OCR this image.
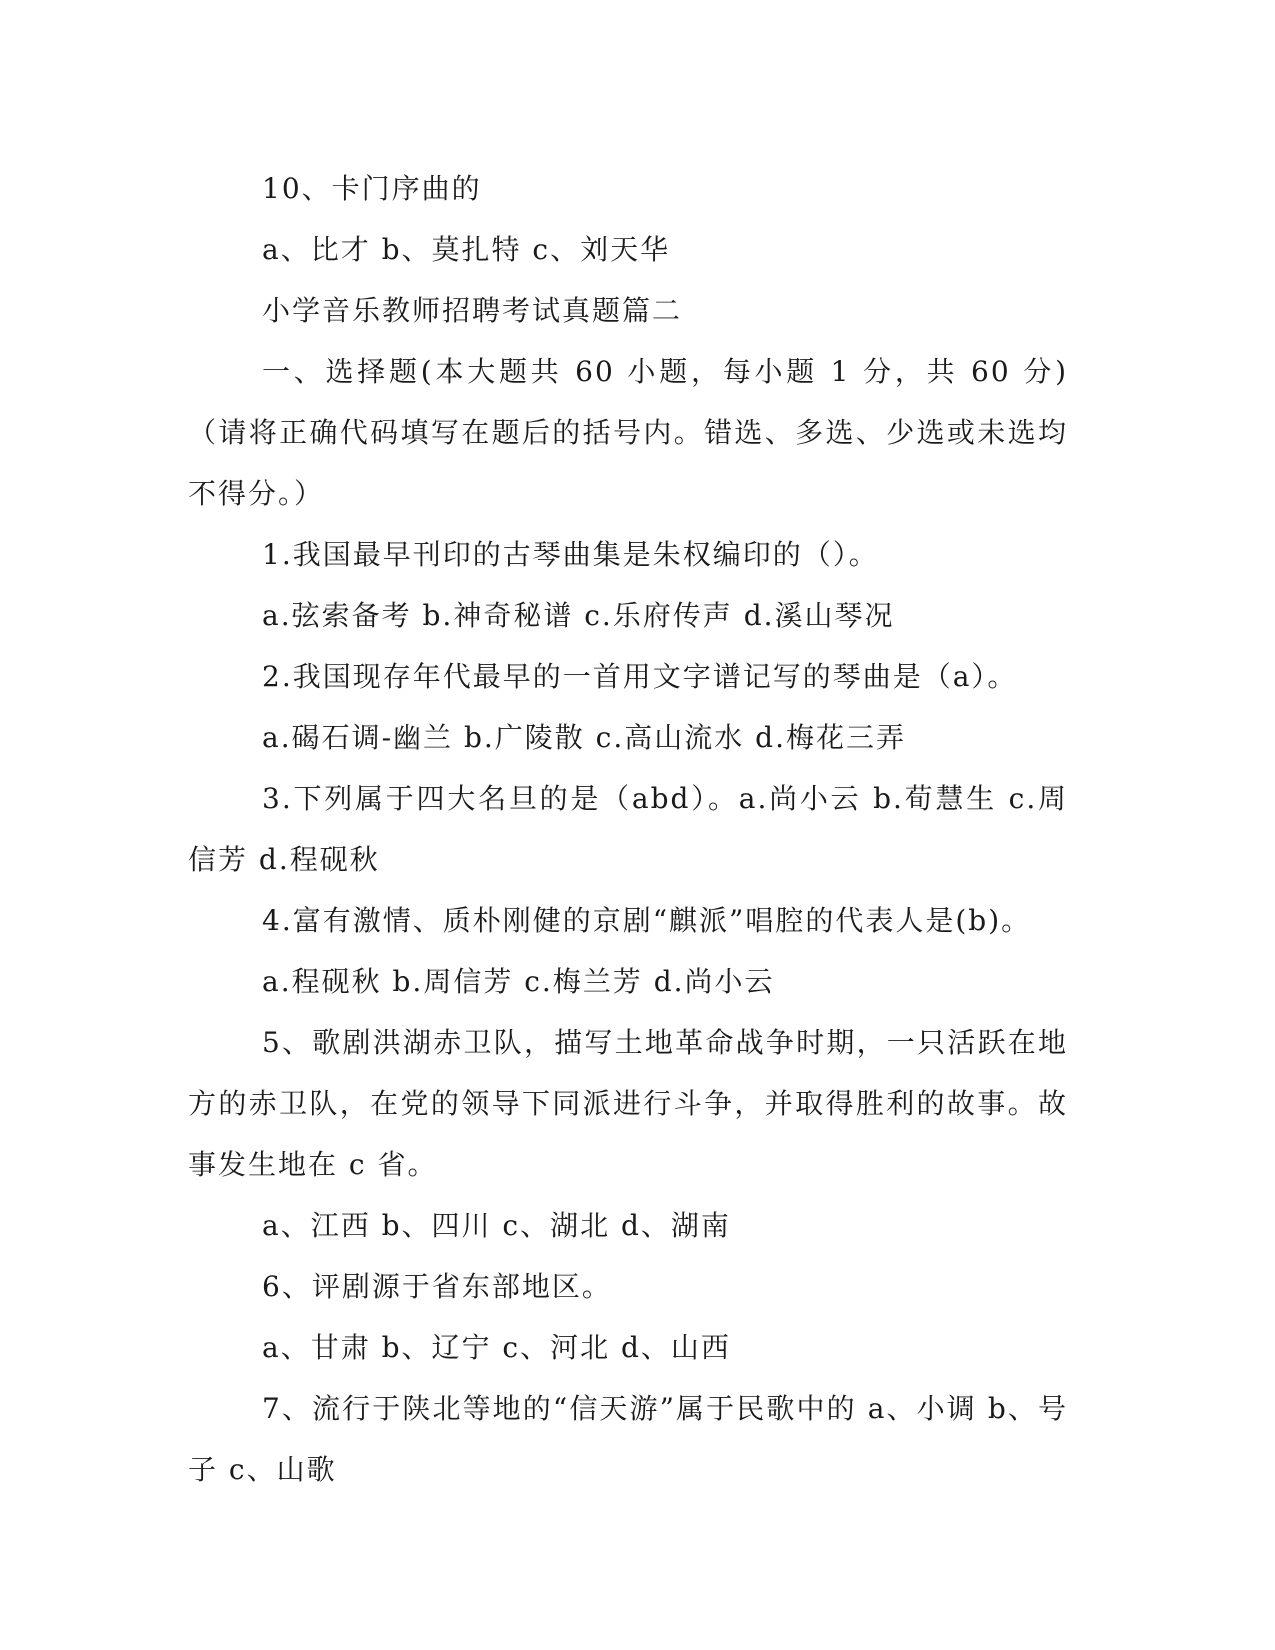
10、卡门序曲的

a、比才 b、莫扎特 c、刘天华

小学音乐教师招聘考试真题篇二

一、选择题(本大题共 60 小题，每小题 1 分，共 60 分)（请将正确代码填写在题后的括号内。错选、多选、少选或未选均不得分。）

1.我国最早刊印的古琴曲集是朱权编印的（）。

a.弦索备考 b.神奇秘谱 c.乐府传声 d.溪山琴况

2.我国现存年代最早的一首用文字谱记写的琴曲是（a）。

a.碣石调-幽兰 b.广陵散 c.高山流水 d.梅花三弄

3.下列属于四大名旦的是（abd）。a.尚小云 b.荀慧生 c.周信芳 d.程砚秋

4.富有激情、质朴刚健的京剧“麒派”唱腔的代表人是(b)。

a.程砚秋 b.周信芳 c.梅兰芳 d.尚小云

5、歌剧洪湖赤卫队，描写土地革命战争时期，一只活跃在地方的赤卫队，在党的领导下同派进行斗争，并取得胜利的故事。故事发生地在 c 省。

a、江西 b、四川 c、湖北 d、湖南

6、评剧源于省东部地区。

a、甘肃 b、辽宁 c、河北 d、山西

7、流行于陕北等地的“信天游”属于民歌中的 a、小调 b、号子 c、山歌
